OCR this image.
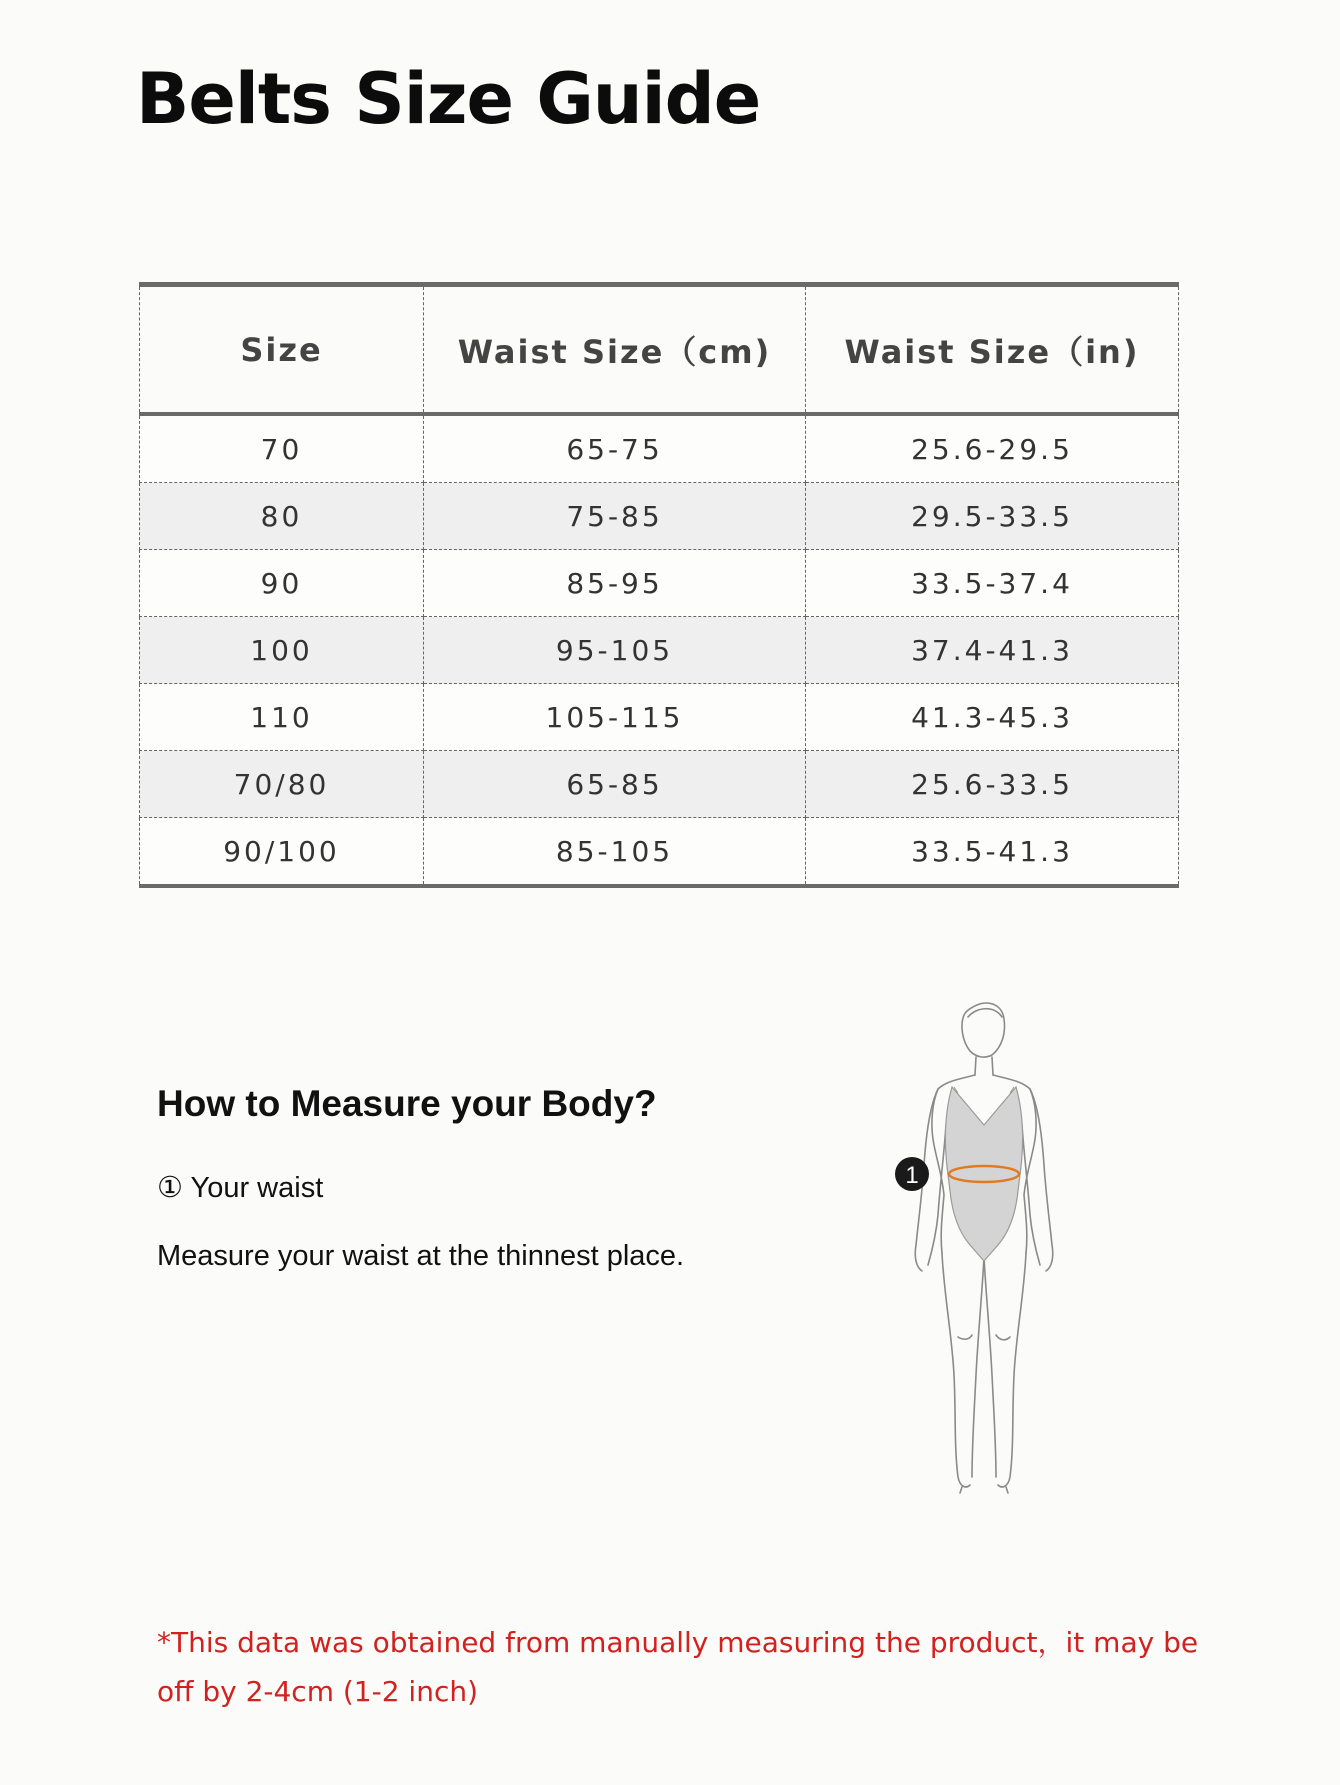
Belts Size Guide
Size	Waist Size（cm)	Waist Size（in)
70	65-75	25.6-29.5
80	75-85	29.5-33.5
90	85-95	33.5-37.4
100	95-105	37.4-41.3
110	105-115	41.3-45.3
70/80	65-85	25.6-33.5
90/100	85-105	33.5-41.3
How to Measure your Body?
① Your waist
Measure your waist at the thinnest place.
1
*This data was obtained from manually measuring the product，it may be off by 2-4cm (1-2 inch)
